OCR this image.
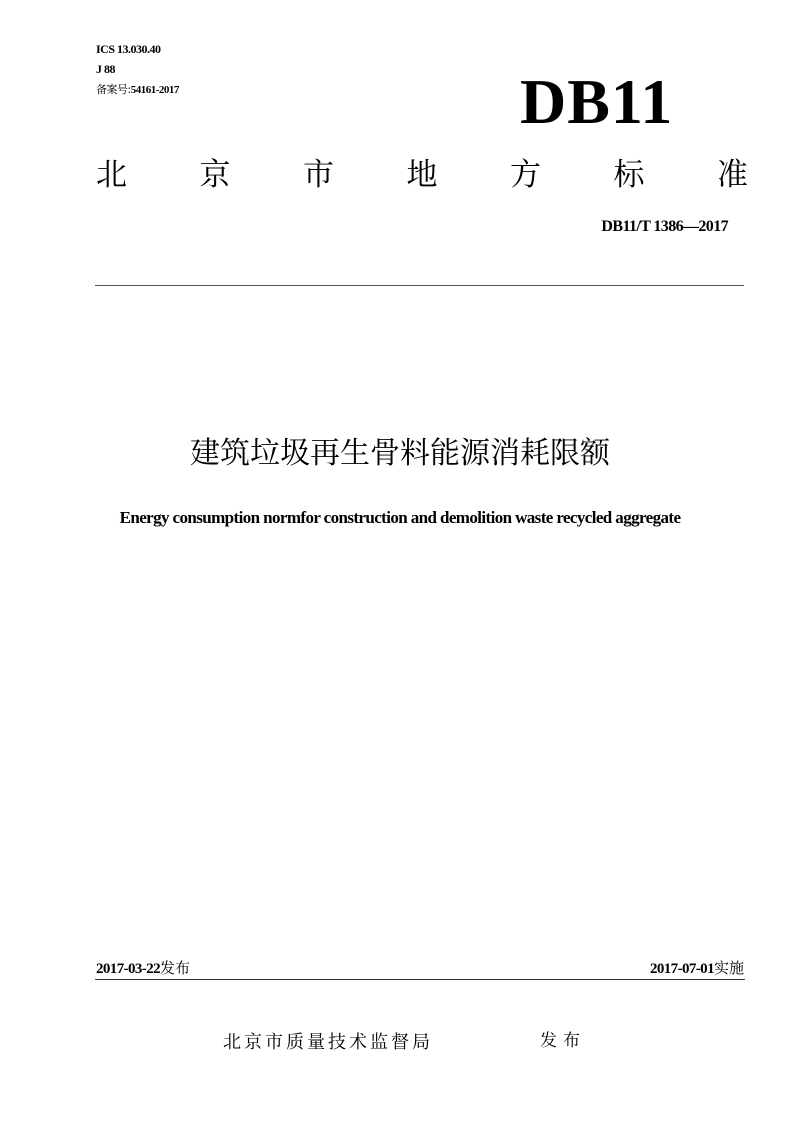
ICS 13.030.40
J 88
备案号:54161-2017	DB11
北 京 市 地 方 标 准
DB11/T 1386—2017
建筑垃圾再生骨料能源消耗限额
Energy consumption normfor construction and demolition waste recycled aggregate
2017-03-22发布	2017-07-01实施
北京市质量技术监督局	发布
